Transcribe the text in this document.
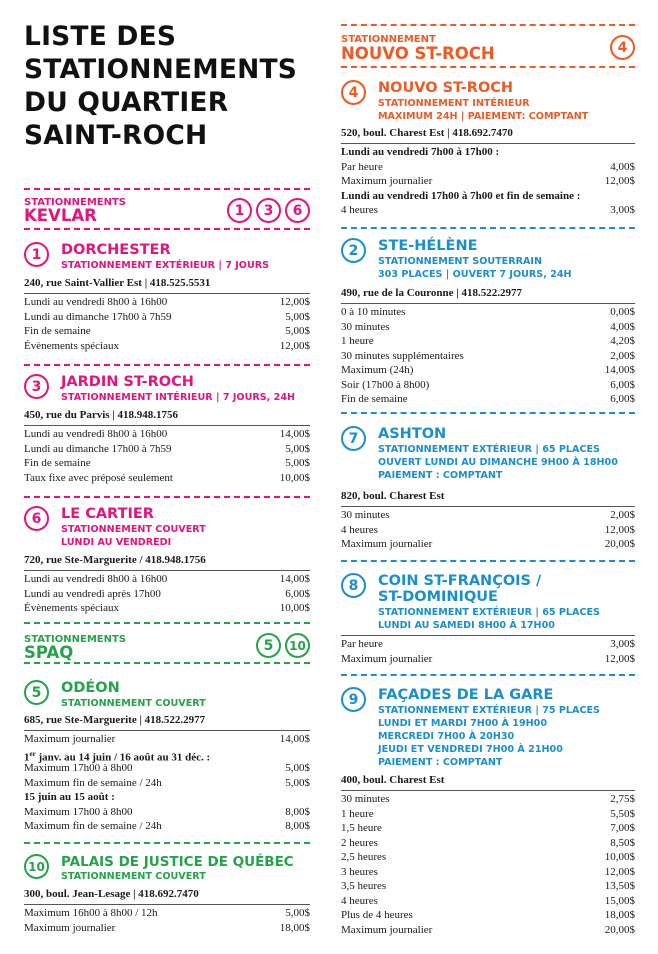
LISTE DES
STATIONNEMENTS
DU QUARTIER
SAINT-ROCH
STATIONNEMENTS
KEVLAR	1	3	6
1	DORCHESTER
STATIONNEMENT EXTÉRIEUR | 7 JOURS
240, rue Saint-Vallier Est | 418.525.5531
Lundi au vendredi 8h00 à 16h00	12,00$
Lundi au dimanche 17h00 à 7h59	5,00$
Fin de semaine	5,00$
Évènements spéciaux	12,00$
3	JARDIN ST-ROCH
STATIONNEMENT INTÉRIEUR | 7 JOURS, 24H
450, rue du Parvis | 418.948.1756
Lundi au vendredi 8h00 à 16h00	14,00$
Lundi au dimanche 17h00 à 7h59	5,00$
Fin de semaine	5,00$
Taux fixe avec préposé seulement	10,00$
6	LE CARTIER
STATIONNEMENT COUVERT
LUNDI AU VENDREDI
720, rue Ste-Marguerite / 418.948.1756
Lundi au vendredi 8h00 à 16h00	14,00$
Lundi au vendredi après 17h00	6,00$
Évènements spéciaux	10,00$
STATIONNEMENTS
SPAQ	5	10
5	ODÉON
STATIONNEMENT COUVERT
685, rue Ste-Marguerite | 418.522.2977
Maximum journalier	14,00$
1er janv. au 14 juin / 16 août au 31 déc. :
Maximum 17h00 à 8h00	5,00$
Maximum fin de semaine / 24h	5,00$
15 juin au 15 août :
Maximum 17h00 à 8h00	8,00$
Maximum fin de semaine / 24h	8,00$
10	PALAIS DE JUSTICE DE QUÉBEC
STATIONNEMENT COUVERT
300, boul. Jean-Lesage | 418.692.7470
Maximum 16h00 à 8h00 / 12h	5,00$
Maximum journalier	18,00$
STATIONNEMENT
NOUVO ST-ROCH	4
4	NOUVO ST-ROCH
STATIONNEMENT INTÉRIEUR
MAXIMUM 24H | PAIEMENT: COMPTANT
520, boul. Charest Est | 418.692.7470
Lundi au vendredi 7h00 à 17h00 :
Par heure	4,00$
Maximum journalier	12,00$
Lundi au vendredi 17h00 à 7h00 et fin de semaine :
4 heures	3,00$
2	STE-HÉLÈNE
STATIONNEMENT SOUTERRAIN
303 PLACES | OUVERT 7 JOURS, 24H
490, rue de la Couronne | 418.522.2977
0 à 10 minutes	0,00$
30 minutes	4,00$
1 heure	4,20$
30 minutes supplémentaires	2,00$
Maximum (24h)	14,00$
Soir (17h00 à 8h00)	6,00$
Fin de semaine	6,00$
7	ASHTON
STATIONNEMENT EXTÉRIEUR | 65 PLACES
OUVERT LUNDI AU DIMANCHE 9H00 À 18H00
PAIEMENT : COMPTANT
820, boul. Charest Est
30 minutes	2,00$
4 heures	12,00$
Maximum journalier	20,00$
8	COIN ST-FRANÇOIS /
ST-DOMINIQUE
STATIONNEMENT EXTÉRIEUR | 65 PLACES
LUNDI AU SAMEDI 8H00 À 17H00
Par heure	3,00$
Maximum journalier	12,00$
9	FAÇADES DE LA GARE
STATIONNEMENT EXTÉRIEUR | 75 PLACES
LUNDI ET MARDI 7H00 À 19H00
MERCREDI 7H00 À 20H30
JEUDI ET VENDREDI 7H00 À 21H00
PAIEMENT : COMPTANT
400, boul. Charest Est
30 minutes	2,75$
1 heure	5,50$
1,5 heure	7,00$
2 heures	8,50$
2,5 heures	10,00$
3 heures	12,00$
3,5 heures	13,50$
4 heures	15,00$
Plus de 4 heures	18,00$
Maximum journalier	20,00$
